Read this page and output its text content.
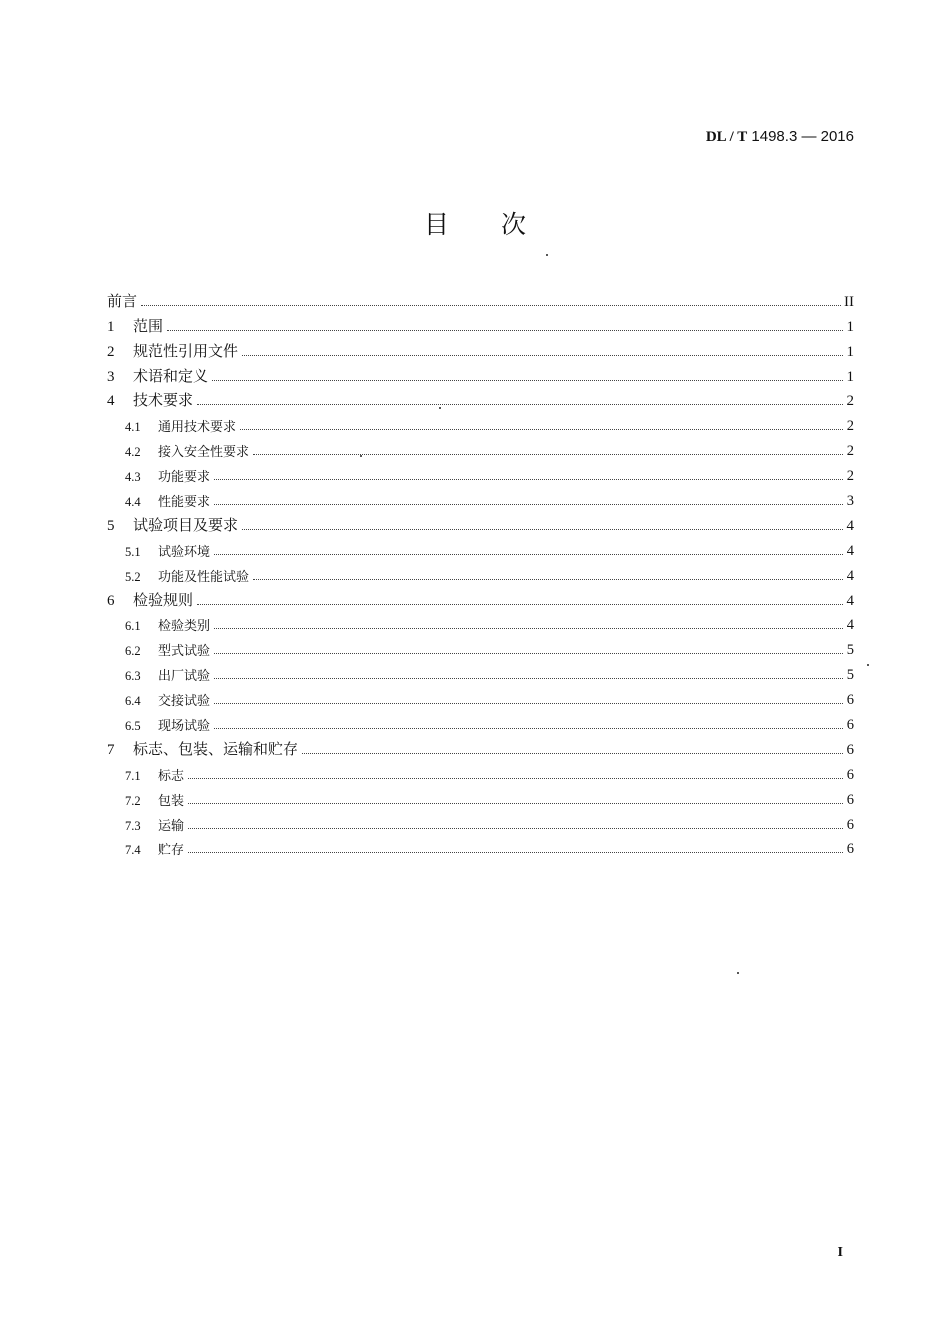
DL / T 1498.3 — 2016
目次
前言	II
1	范围	1
2	规范性引用文件	1
3	术语和定义	1
4	技术要求	2
4.1	通用技术要求	2
4.2	接入安全性要求	2
4.3	功能要求	2
4.4	性能要求	3
5	试验项目及要求	4
5.1	试验环境	4
5.2	功能及性能试验	4
6	检验规则	4
6.1	检验类别	4
6.2	型式试验	5
6.3	出厂试验	5
6.4	交接试验	6
6.5	现场试验	6
7	标志、包装、运输和贮存	6
7.1	标志	6
7.2	包装	6
7.3	运输	6
7.4	贮存	6
I
